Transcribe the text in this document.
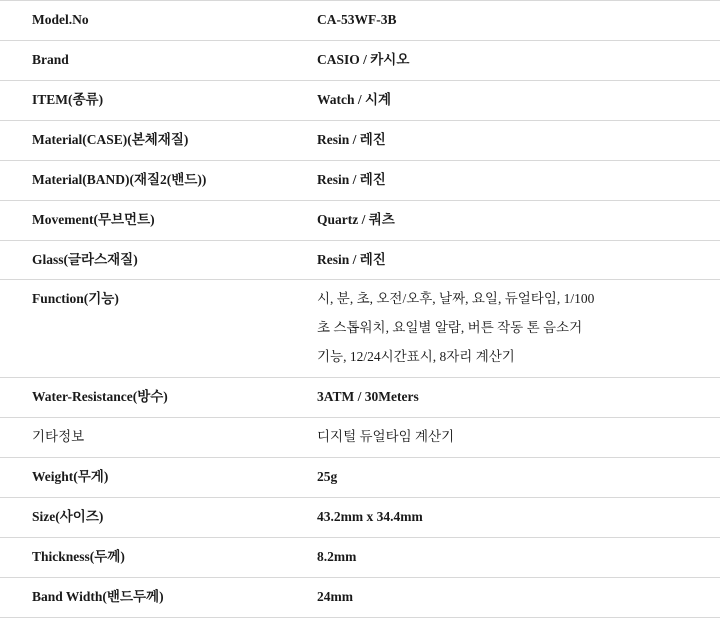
Model.No	CA-53WF-3B

Brand	CASIO / 카시오

ITEM(종류)	Watch / 시계

Material(CASE)(본체재질)	Resin / 레진

Material(BAND)(재질2(밴드))	Resin / 레진

Movement(무브먼트)	Quartz / 쿼츠

Glass(글라스재질)	Resin / 레진

Function(기능)	시, 분, 초, 오전/오후, 날짜, 요일, 듀얼타임, 1/100
초 스톱워치, 요일별 알람, 버튼 작동 톤 음소거
기능, 12/24시간표시, 8자리 계산기

Water-Resistance(방수)	3ATM / 30Meters

기타정보	디지털 듀얼타임 계산기

Weight(무게)	25g

Size(사이즈)	43.2mm x 34.4mm

Thickness(두께)	8.2mm

Band Width(밴드두께)	24mm
